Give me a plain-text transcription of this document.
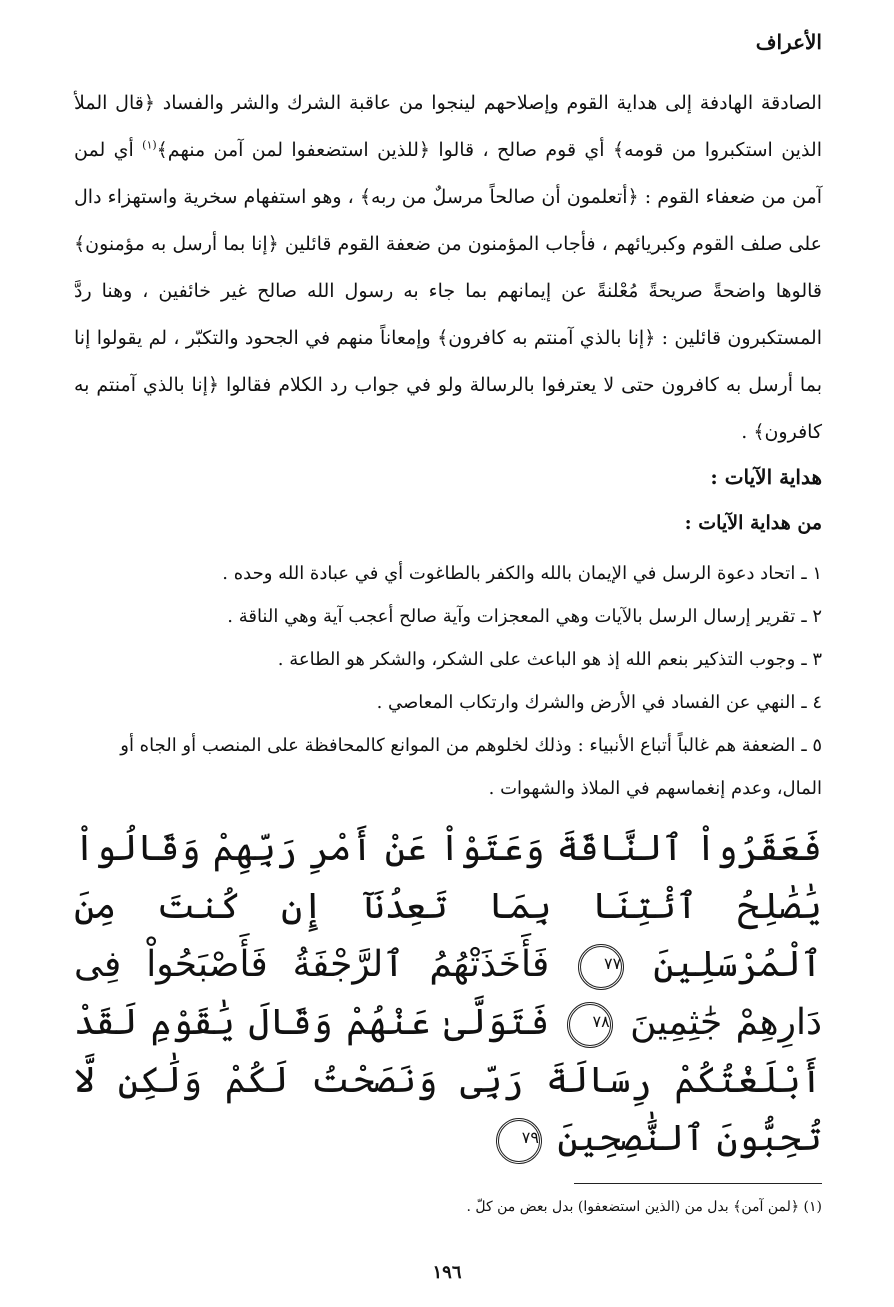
الأعراف

الصادقة الهادفة إلى هداية القوم وإصلاحهم لينجوا من عاقبة الشرك والشر والفساد ﴿قال الملأ الذين استكبروا من قومه﴾ أي قوم صالح ، قالوا ﴿للذين استضعفوا لمن آمن منهم﴾$^{(١)}$ أي لمن آمن من ضعفاء القوم : ﴿أتعلمون أن صالحاً مرسلٌ من ربه﴾ ، وهو استفهام سخرية واستهزاء دال على صلف القوم وكبريائهم ، فأجاب المؤمنون من ضعفة القوم قائلين ﴿إنا بما أرسل به مؤمنون﴾ قالوها واضحةً صريحةً مُعْلنةً عن إيمانهم بما جاء به رسول الله صالح غير خائفين ، وهنا ردَّ المستكبرون قائلين : ﴿إنا بالذي آمنتم به كافرون﴾ وإمعاناً منهم في الجحود والتكبّر ، لم يقولوا إنا بما أرسل به كافرون حتى لا يعترفوا بالرسالة ولو في جواب رد الكلام فقالوا ﴿إنا بالذي آمنتم به كافرون﴾ .

هداية الآيات :
من هداية الآيات :
١ ـاتحاد دعوة الرسل في الإيمان بالله والكفر بالطاغوت أي في عبادة الله وحده .
٢ ـتقرير إرسال الرسل بالآيات وهي المعجزات وآية صالح أعجب آية وهي الناقة .
٣ ـوجوب التذكير بنعم الله إذ هو الباعث على الشكر، والشكر هو الطاعة .
٤ ـالنهي عن الفساد في الأرض والشرك وارتكاب المعاصي .
٥ ـالضعفة هم غالباً أتباع الأنبياء : وذلك لخلوهم من الموانع كالمحافظة على المنصب أو الجاه أو المال، وعدم إنغماسهم في الملاذ والشهوات .

فَعَقَرُواْ ٱلنَّاقَةَ وَعَتَوْاْ عَنْ أَمْرِ رَبِّهِمْ وَقَالُواْ يَٰصَٰلِحُ ٱئْتِنَا بِمَا تَعِدُنَآ إِن كُنتَ مِنَ ٱلْمُرْسَلِينَ ٧٧ فَأَخَذَتْهُمُ ٱلرَّجْفَةُ فَأَصْبَحُواْ فِى دَارِهِمْ جَٰثِمِينَ ٧٨ فَتَوَلَّىٰ عَنْهُمْ وَقَالَ يَٰقَوْمِ لَقَدْ أَبْلَغْتُكُمْ رِسَالَةَ رَبِّى وَنَصَحْتُ لَكُمْ وَلَٰكِن لَّا تُحِبُّونَ ٱلنَّٰصِحِينَ ٧٩

(١) ﴿لمن آمن﴾ بدل من (الذين استضعفوا) بدل بعض من كلّ .
١٩٦
